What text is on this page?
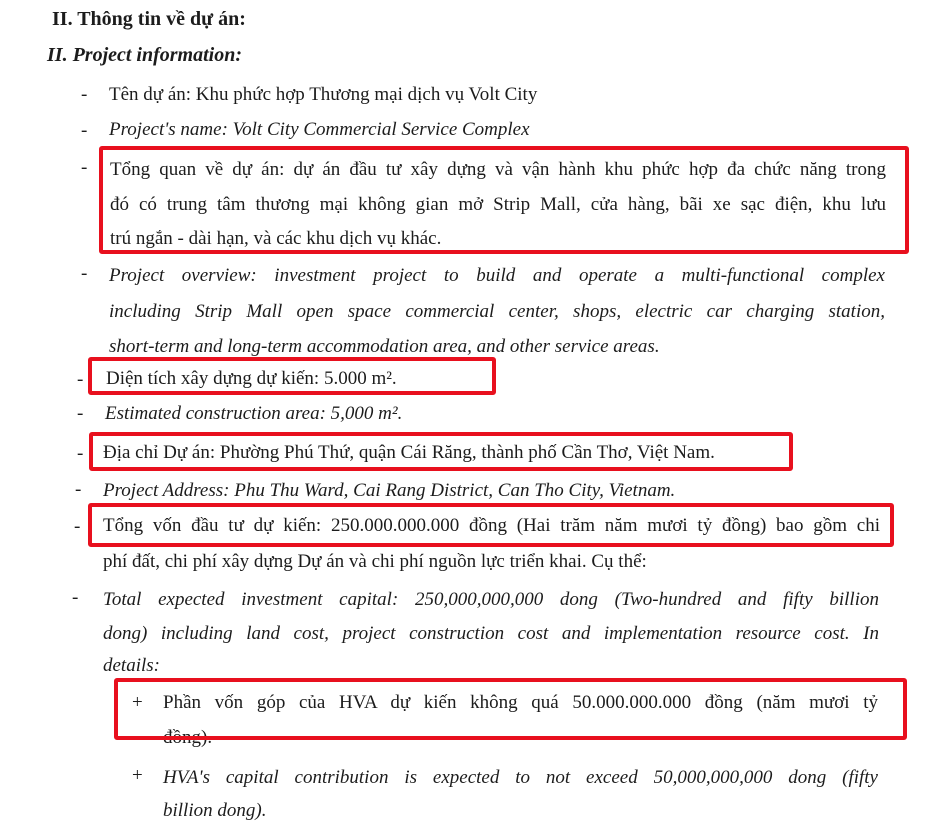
II. Thông tin về dự án:
II. Project information:
- Tên dự án: Khu phức hợp Thương mại dịch vụ Volt City
- Project's name: Volt City Commercial Service Complex
- Tổng quan về dự án: dự án đầu tư xây dựng và vận hành khu phức hợp đa chức năng trong
đó có trung tâm thương mại không gian mở Strip Mall, cửa hàng, bãi xe sạc điện, khu lưu
trú ngắn - dài hạn, và các khu dịch vụ khác.
- Project overview: investment project to build and operate a multi-functional complex
including Strip Mall open space commercial center, shops, electric car charging station,
short-term and long-term accommodation area, and other service areas.
- Diện tích xây dựng dự kiến: 5.000 m².
- Estimated construction area: 5,000 m².
- Địa chỉ Dự án: Phường Phú Thứ, quận Cái Răng, thành phố Cần Thơ, Việt Nam.
- Project Address: Phu Thu Ward, Cai Rang District, Can Tho City, Vietnam.
- Tổng vốn đầu tư dự kiến: 250.000.000.000 đồng (Hai trăm năm mươi tỷ đồng) bao gồm chi
phí đất, chi phí xây dựng Dự án và chi phí nguồn lực triển khai. Cụ thể:
- Total expected investment capital: 250,000,000,000 dong (Two-hundred and fifty billion
dong) including land cost, project construction cost and implementation resource cost. In
details:
+ Phần vốn góp của HVA dự kiến không quá 50.000.000.000 đồng (năm mươi tỷ
đồng).
+ HVA's capital contribution is expected to not exceed 50,000,000,000 dong (fifty
billion dong).
